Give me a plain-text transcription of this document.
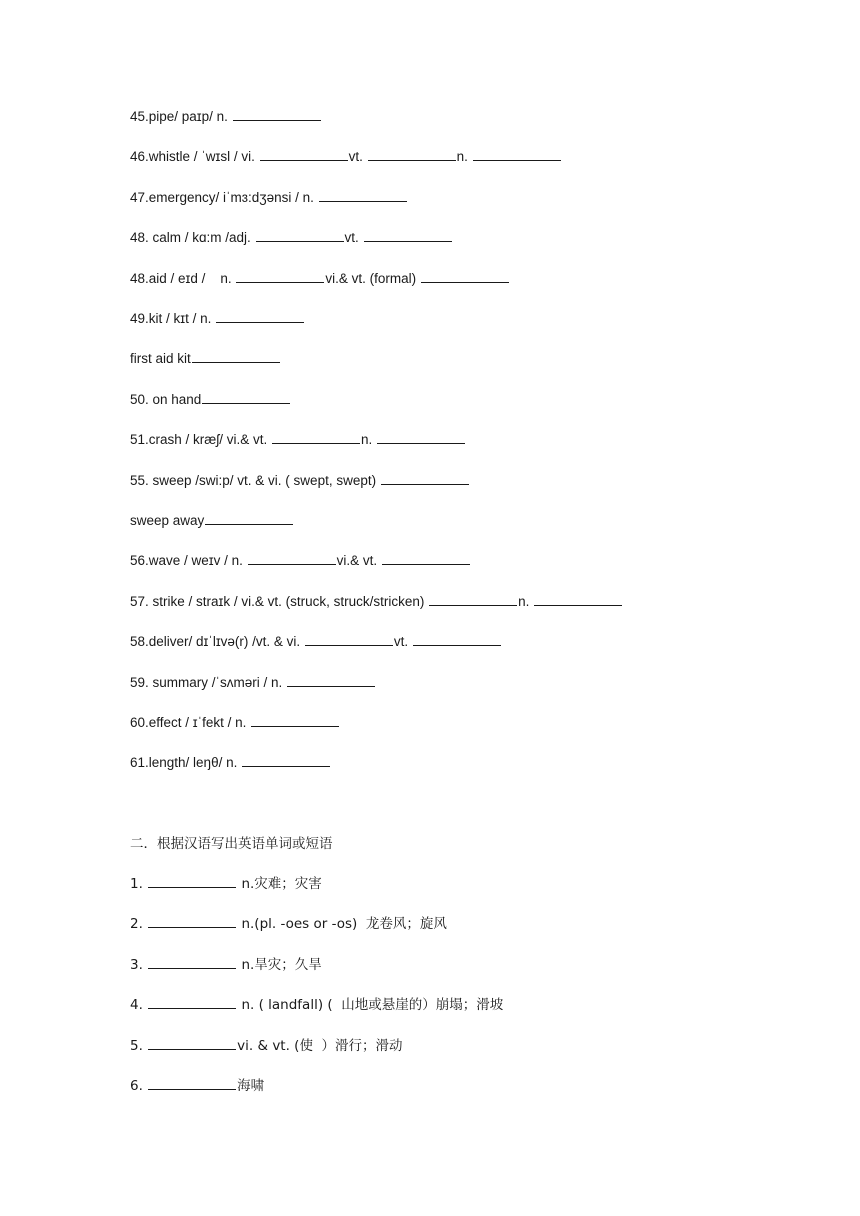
45.pipe/ paɪp/ n.
46.whistle / ˈwɪsl / vi.	vt.	n.
47.emergency/ iˈmɜ:dʒənsi / n.
48. calm / kɑ:m /adj.	vt.
48.aid / eɪd /    n.	vi.& vt. (formal)
49.kit / kɪt / n.
first aid kit
50. on hand
51.crash / kræʃ/ vi.& vt.	n.
55. sweep /swi:p/ vt. & vi. ( swept, swept)
sweep away
56.wave / weɪv / n.	vi.& vt.
57. strike / straɪk / vi.& vt. (struck, struck/stricken)	n.
58.deliver/ dɪˈlɪvə(r) /vt. & vi.	vt.
59. summary /ˈsʌməri / n.
60.effect / ɪˈfekt / n.
61.length/ leŋθ/ n.
二．根据汉语写出英语单词或短语
1.	n.灾难；灾害
2.	n.(pl. -oes or -os)  龙卷风；旋风
3.	n.旱灾；久旱
4.	n. ( landfall) (  山地或悬崖的）崩塌；滑坡
5.	vi. & vt. (使  ）滑行；滑动
6.	海啸
